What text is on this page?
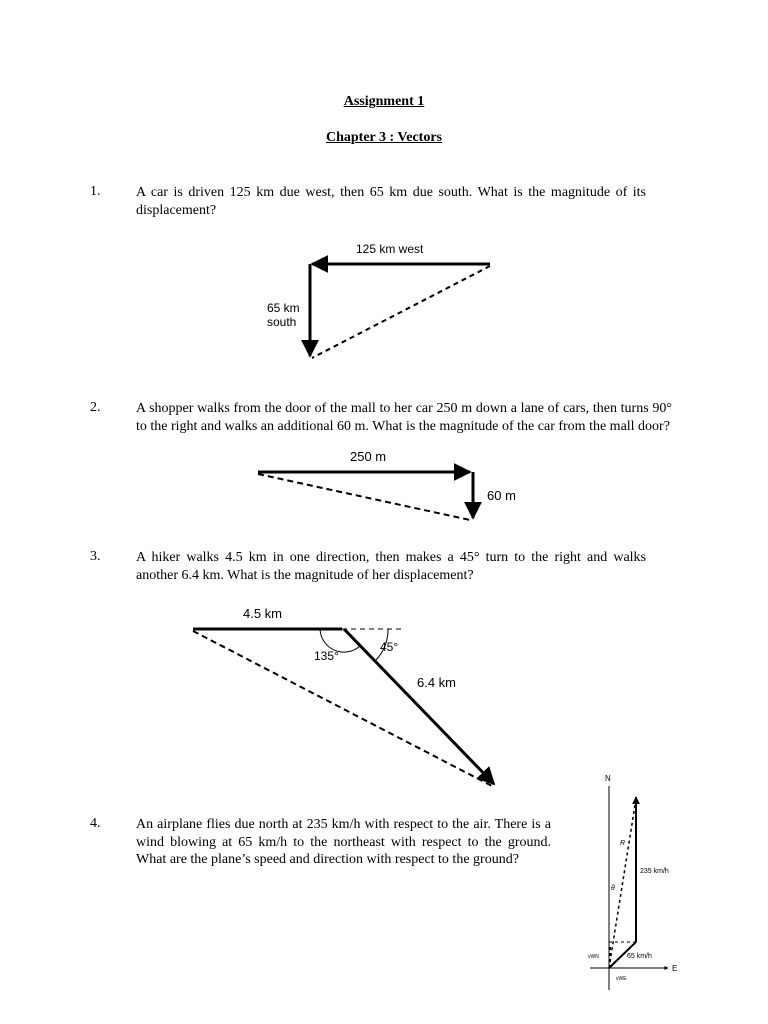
Assignment 1
Chapter 3 : Vectors
1.	A car is driven 125 km due west, then 65 km due south. What is the magnitude of its displacement?
2.	A shopper walks from the door of the mall to her car 250 m down a lane of cars, then turns 90° to the right and walks an additional 60 m. What is the magnitude of the car from the mall door?
3.	A hiker walks 4.5 km in one direction, then makes a 45° turn to the right and walks another 6.4 km. What is the magnitude of her displacement?
4.	An airplane flies due north at 235 km/h with respect to the air. There is a wind blowing at 65 km/h to the northeast with respect to the ground. What are the plane’s speed and direction with respect to the ground?
125 km west
65 km
south
250 m
60 m
4.5 km
135°
45°
6.4 km
N
E
235 km/h
65 km/h
R
θ
vWN
vWE
